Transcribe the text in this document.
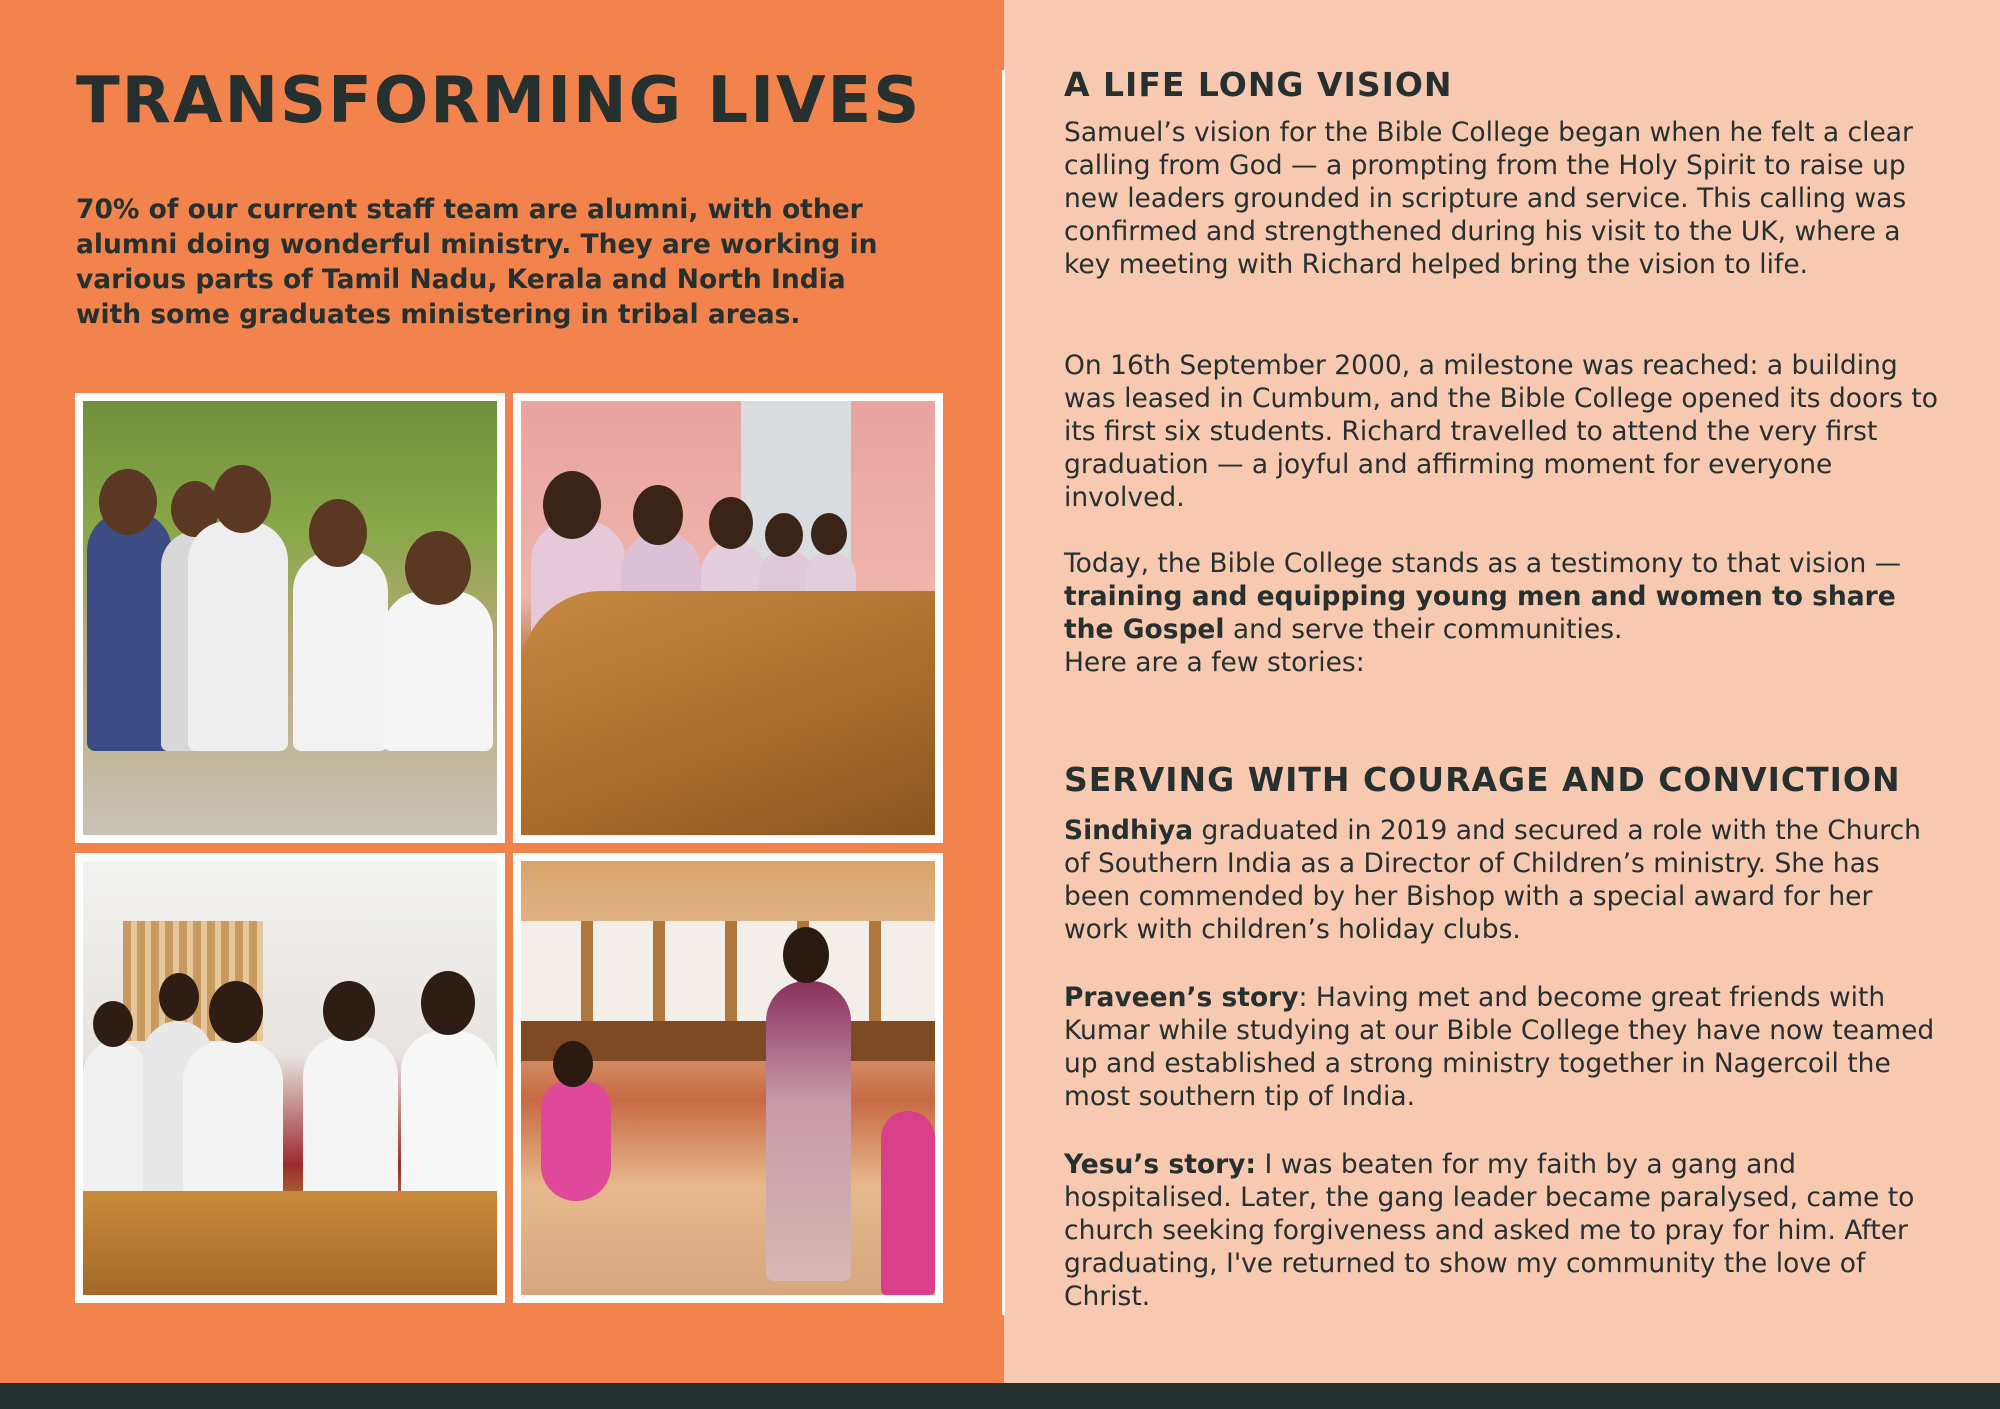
TRANSFORMING LIVES

70% of our current staff team are alumni, with other alumni doing wonderful ministry. They are working in various parts of Tamil Nadu, Kerala and North India with some graduates ministering in tribal areas.

A LIFE LONG VISION

Samuel’s vision for the Bible College began when he felt a clear calling from God — a prompting from the Holy Spirit to raise up new leaders grounded in scripture and service. This calling was confirmed and strengthened during his visit to the UK, where a key meeting with Richard helped bring the vision to life.

On 16th September 2000, a milestone was reached: a building was leased in Cumbum, and the Bible College opened its doors to its first six students. Richard travelled to attend the very first graduation — a joyful and affirming moment for everyone involved.

Today, the Bible College stands as a testimony to that vision — training and equipping young men and women to share the Gospel and serve their communities.
Here are a few stories:

SERVING WITH COURAGE AND CONVICTION

Sindhiya graduated in 2019 and secured a role with the Church of Southern India as a Director of Children’s ministry. She has been commended by her Bishop with a special award for her work with children’s holiday clubs.

Praveen’s story: Having met and become great friends with Kumar while studying at our Bible College they have now teamed up and established a strong ministry together in Nagercoil the most southern tip of India.

Yesu’s story: I was beaten for my faith by a gang and hospitalised. Later, the gang leader became paralysed, came to church seeking forgiveness and asked me to pray for him. After graduating, I've returned to show my community the love of Christ.
